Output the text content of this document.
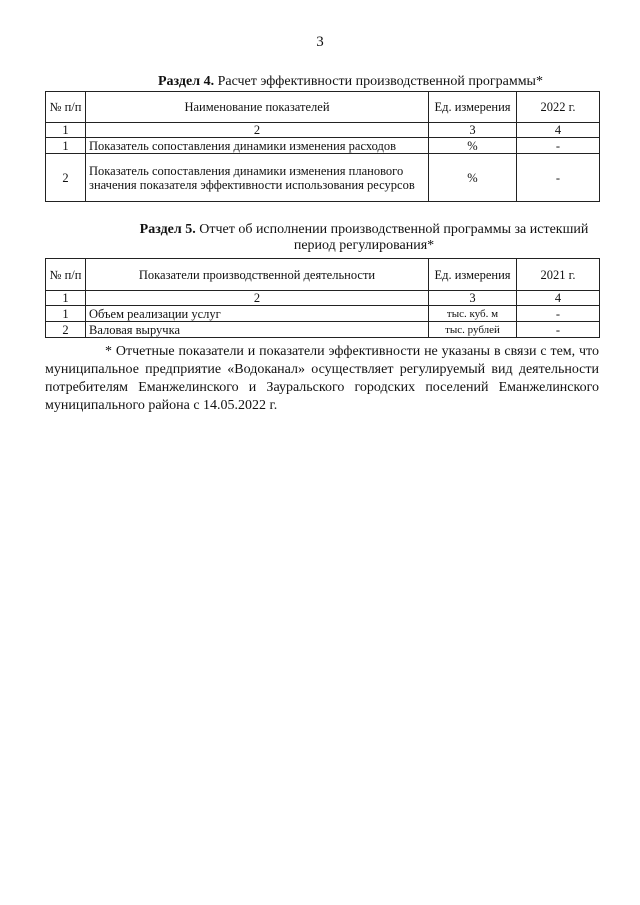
3
Раздел 4. Расчет эффективности производственной программы*
№ п/п	Наименование показателей	Ед. измерения	2022 г.
1	2	3	4
1	Показатель сопоставления динамики изменения расходов	%	-
2	Показатель сопоставления динамики изменения планового значения показателя эффективности использования ресурсов	%	-
Раздел 5. Отчет об исполнении производственной программы за истекший период регулирования*
№ п/п	Показатели производственной деятельности	Ед. измерения	2021 г.
1	2	3	4
1	Объем реализации услуг	тыс. куб. м	-
2	Валовая выручка	тыс. рублей	-
* Отчетные показатели и показатели эффективности не указаны в связи с тем, что муниципальное предприятие «Водоканал» осуществляет регулируемый вид деятельности потребителям Еманжелинского и Зауральского городских поселений Еманжелинского муниципального района с 14.05.2022 г.
